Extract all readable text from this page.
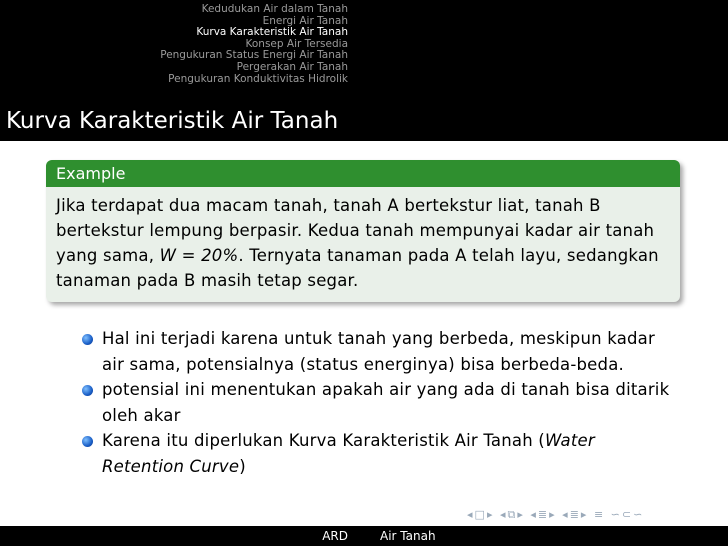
Kedudukan Air dalam Tanah
Energi Air Tanah
Kurva Karakteristik Air Tanah
Konsep Air Tersedia
Pengukuran Status Energi Air Tanah
Pergerakan Air Tanah
Pengukuran Konduktivitas Hidrolik
Kurva Karakteristik Air Tanah
Example
Jika terdapat dua macam tanah, tanah A bertekstur liat, tanah B bertekstur lempung berpasir. Kedua tanah mempunyai kadar air tanah yang sama, W = 20%. Ternyata tanaman pada A telah layu, sedangkan tanaman pada B masih tetap segar.
Hal ini terjadi karena untuk tanah yang berbeda, meskipun kadar air sama, potensialnya (status energinya) bisa berbeda-beda.
potensial ini menentukan apakah air yang ada di tanah bisa ditarik oleh akar
Karena itu diperlukan Kurva Karakteristik Air Tanah (Water Retention Curve)
◂□▸ ◂⧉▸ ◂≣▸ ◂≣▸ ≡ ∽⊂∽
ARD	Air Tanah
